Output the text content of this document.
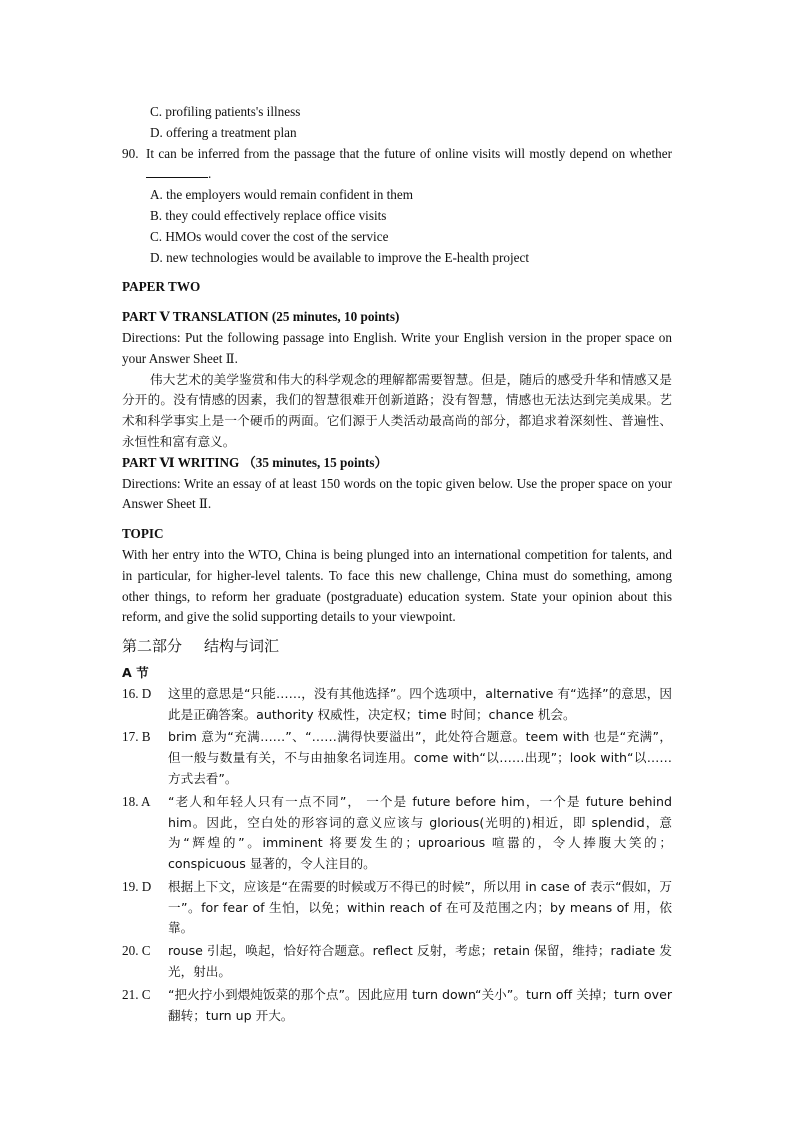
C. profiling patients's illness
D. offering a treatment plan
90. It can be inferred from the passage that the future of online visits will mostly depend on whether.
A. the employers would remain confident in them
B. they could effectively replace office visits
C. HMOs would cover the cost of the service
D. new technologies would be available to improve the E-health project
PAPER TWO
PART Ⅴ TRANSLATION (25 minutes, 10 points)
Directions: Put the following passage into English. Write your English version in the proper space on your Answer Sheet Ⅱ.
伟大艺术的美学鉴赏和伟大的科学观念的理解都需要智慧。但是，随后的感受升华和情感又是分开的。没有情感的因素，我们的智慧很难开创新道路；没有智慧，情感也无法达到完美成果。艺术和科学事实上是一个硬币的两面。它们源于人类活动最高尚的部分，都追求着深刻性、普遍性、永恒性和富有意义。
PART Ⅵ WRITING （35 minutes, 15 points）
Directions: Write an essay of at least 150 words on the topic given below. Use the proper space on your Answer Sheet Ⅱ.
TOPIC
With her entry into the WTO, China is being plunged into an international competition for talents, and in particular, for higher-level talents. To face this new challenge, China must do something, among other things, to reform her graduate (postgraduate) education system. State your opinion about this reform, and give the solid supporting details to your viewpoint.
第二部分 结构与词汇
A 节
16. D	这里的意思是“只能……，没有其他选择”。四个选项中，alternative 有“选择”的意思，因此是正确答案。authority 权威性，决定权；time 时间；chance 机会。
17. B	brim 意为“充满……”、“……满得快要溢出”，此处符合题意。teem with 也是“充满”，但一般与数量有关，不与由抽象名词连用。come with“以……出现”；look with“以……方式去看”。
18. A	“老人和年轻人只有一点不同”， 一个是 future before him，一个是 future behind him。因此，空白处的形容词的意义应该与 glorious(光明的)相近，即 splendid，意为“辉煌的”。imminent 将要发生的；uproarious 喧嚣的，令人捧腹大笑的；conspicuous 显著的，令人注目的。
19. D	根据上下文，应该是“在需要的时候或万不得已的时候”，所以用 in case of 表示“假如，万一”。for fear of 生怕，以免；within reach of 在可及范围之内；by means of 用，依靠。
20. C	rouse 引起，唤起，恰好符合题意。reflect 反射，考虑；retain 保留，维持；radiate 发光，射出。
21. C	“把火拧小到煨炖饭菜的那个点”。因此应用 turn down“关小”。turn off 关掉；turn over 翻转；turn up 开大。
